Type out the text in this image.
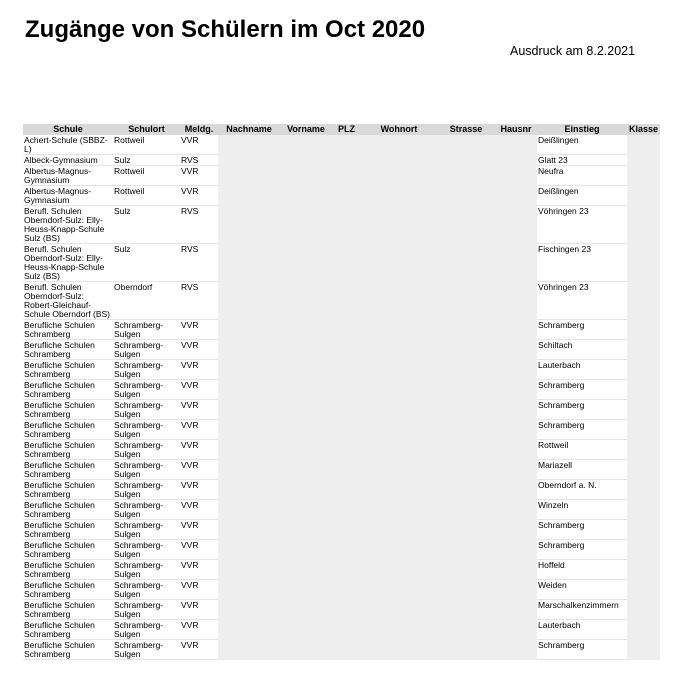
Zugänge von Schülern im Oct 2020
Ausdruck am 8.2.2021
Schule	Schulort	Meldg.	Nachname	Vorname	PLZ	Wohnort	Strasse	Hausnr	Einstieg	Klasse
Achert-Schule (SBBZ-L)	Rottweil	VVR							Deißlingen	
Albeck-Gymnasium	Sulz	RVS							Glatt 23	
Albertus-Magnus-Gymnasium	Rottweil	VVR							Neufra	
Albertus-Magnus-Gymnasium	Rottweil	VVR							Deißlingen	
Berufl. Schulen Oberndorf-Sulz: Elly-Heuss-Knapp-Schule Sulz (BS)	Sulz	RVS							Vöhringen 23	
Berufl. Schulen Oberndorf-Sulz: Elly-Heuss-Knapp-Schule Sulz (BS)	Sulz	RVS							Fischingen 23	
Berufl. Schulen Oberndorf-Sulz: Robert-Gleichauf-Schule Oberndorf (BS)	Oberndorf	RVS							Vöhringen 23	
Berufliche Schulen Schramberg	Schramberg-Sulgen	VVR							Schramberg	
Berufliche Schulen Schramberg	Schramberg-Sulgen	VVR							Schiltach	
Berufliche Schulen Schramberg	Schramberg-Sulgen	VVR							Lauterbach	
Berufliche Schulen Schramberg	Schramberg-Sulgen	VVR							Schramberg	
Berufliche Schulen Schramberg	Schramberg-Sulgen	VVR							Schramberg	
Berufliche Schulen Schramberg	Schramberg-Sulgen	VVR							Schramberg	
Berufliche Schulen Schramberg	Schramberg-Sulgen	VVR							Rottweil	
Berufliche Schulen Schramberg	Schramberg-Sulgen	VVR							Mariazell	
Berufliche Schulen Schramberg	Schramberg-Sulgen	VVR							Oberndorf a. N.	
Berufliche Schulen Schramberg	Schramberg-Sulgen	VVR							Winzeln	
Berufliche Schulen Schramberg	Schramberg-Sulgen	VVR							Schramberg	
Berufliche Schulen Schramberg	Schramberg-Sulgen	VVR							Schramberg	
Berufliche Schulen Schramberg	Schramberg-Sulgen	VVR							Hoffeld	
Berufliche Schulen Schramberg	Schramberg-Sulgen	VVR							Weiden	
Berufliche Schulen Schramberg	Schramberg-Sulgen	VVR							Marschalkenzimmern	
Berufliche Schulen Schramberg	Schramberg-Sulgen	VVR							Lauterbach	
Berufliche Schulen Schramberg	Schramberg-Sulgen	VVR							Schramberg	
